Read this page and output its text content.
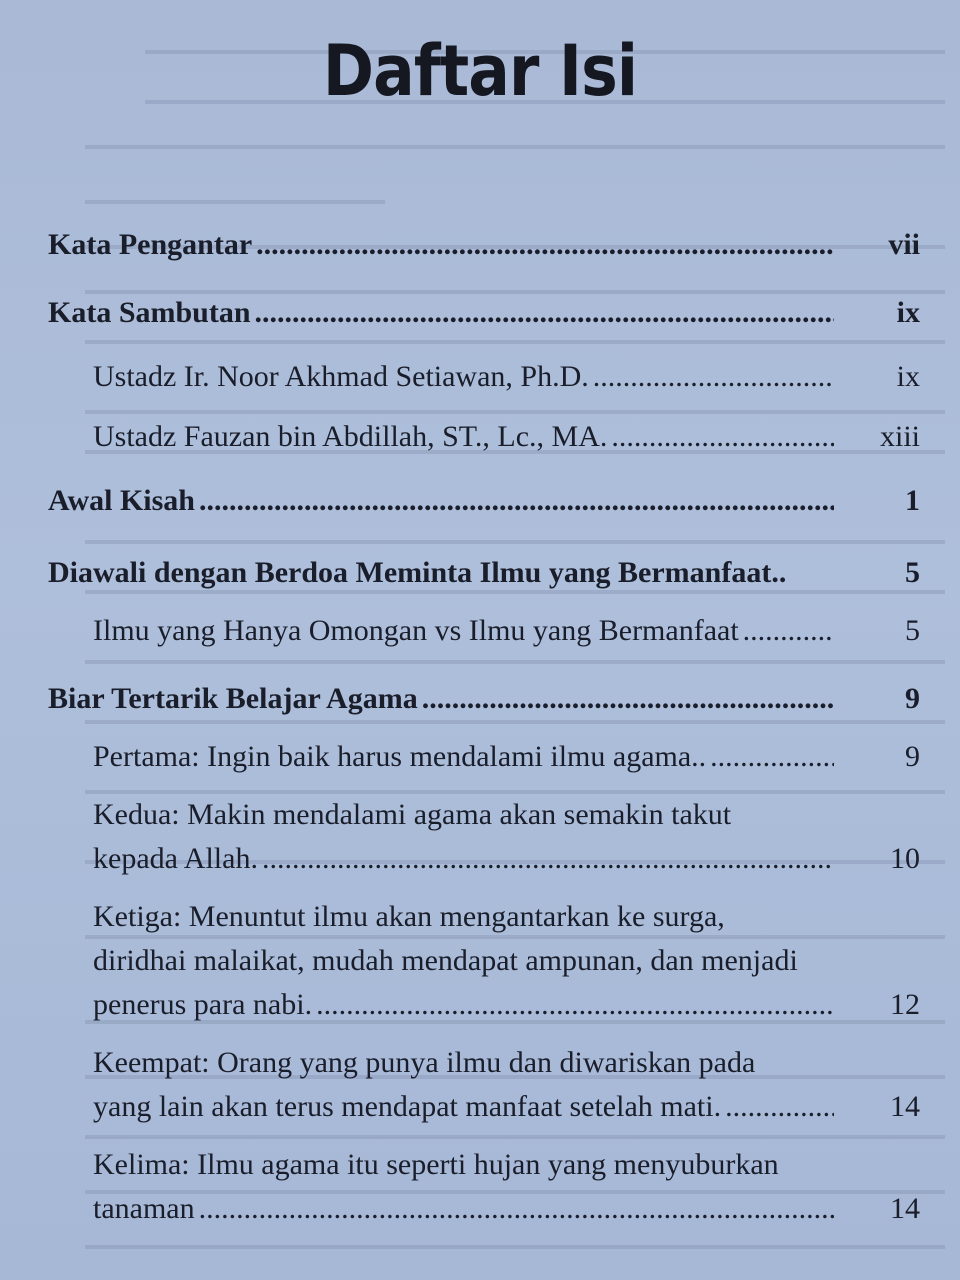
Daftar Isi
Kata Pengantar .....	vii
Kata Sambutan .....	ix
Ustadz Ir. Noor Akhmad Setiawan, Ph.D. .....	ix
Ustadz Fauzan bin Abdillah, ST., Lc., MA. .....	xiii
Awal Kisah .....	1
Diawali dengan Berdoa Meminta Ilmu yang Bermanfaat..	5
Ilmu yang Hanya Omongan vs Ilmu yang Bermanfaat .....	5
Biar Tertarik Belajar Agama .....	9
Pertama: Ingin baik harus mendalami ilmu agama.. .....	9
Kedua: Makin mendalami agama akan semakin takut
kepada Allah. .....	10
Ketiga: Menuntut ilmu akan mengantarkan ke surga,
diridhai malaikat, mudah mendapat ampunan, dan menjadi
penerus para nabi. .....	12
Keempat: Orang yang punya ilmu dan diwariskan pada
yang lain akan terus mendapat manfaat setelah mati. .....	14
Kelima: Ilmu agama itu seperti hujan yang menyuburkan
tanaman .....	14
